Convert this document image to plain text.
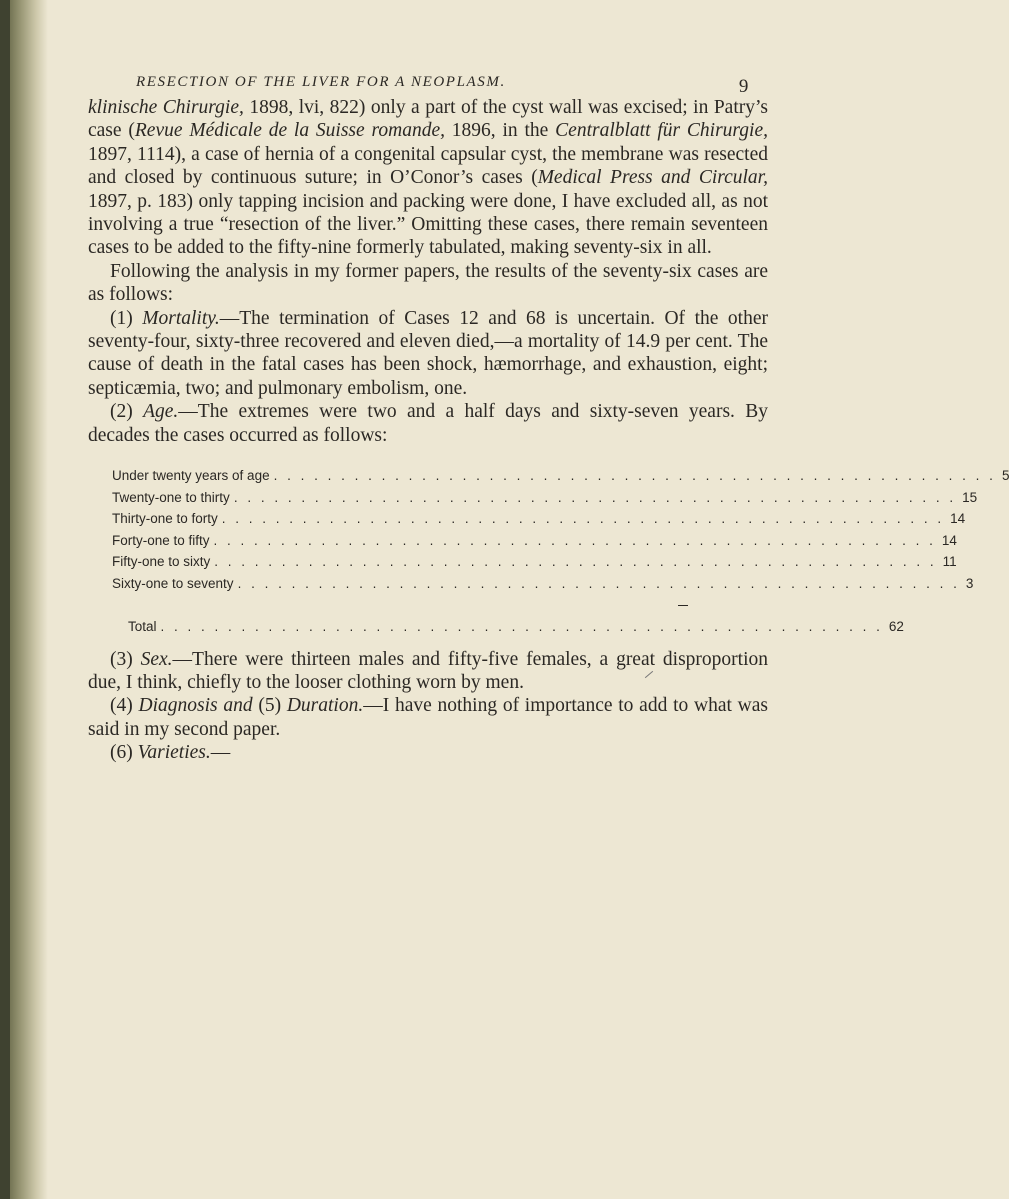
RESECTION OF THE LIVER FOR A NEOPLASM.	9

klinische Chirurgie, 1898, lvi, 822) only a part of the cyst wall was excised; in Patry’s case (Revue Médicale de la Suisse romande, 1896, in the Centralblatt für Chirurgie, 1897, 1114), a case of hernia of a congenital capsular cyst, the membrane was resected and closed by continuous suture; in O’Conor’s cases (Medical Press and Circular, 1897, p. 183) only tapping incision and packing were done, I have excluded all, as not involving a true “resection of the liver.” Omitting these cases, there remain seventeen cases to be added to the fifty-nine formerly tabulated, making seventy-six in all.

Following the analysis in my former papers, the results of the seventy-six cases are as follows:

(1) Mortality.—The termination of Cases 12 and 68 is uncertain. Of the other seventy-four, sixty-three recovered and eleven died,—a mortality of 14.9 per cent. The cause of death in the fatal cases has been shock, hæmorrhage, and exhaustion, eight; septicæmia, two; and pulmonary embolism, one.

(2) Age.—The extremes were two and a half days and sixty-seven years. By decades the cases occurred as follows:

Under twenty years of age . . . . . . . . . . . . . . . . . . . . . . . . . . . . . . . . . . . . . . . . . . . . . . . . . . . . . . 5
Twenty-one to thirty . . . . . . . . . . . . . . . . . . . . . . . . . . . . . . . . . . . . . . . . . . . . . . . . . . . . . . 15
Thirty-one to forty . . . . . . . . . . . . . . . . . . . . . . . . . . . . . . . . . . . . . . . . . . . . . . . . . . . . . . 14
Forty-one to fifty . . . . . . . . . . . . . . . . . . . . . . . . . . . . . . . . . . . . . . . . . . . . . . . . . . . . . . 14
Fifty-one to sixty . . . . . . . . . . . . . . . . . . . . . . . . . . . . . . . . . . . . . . . . . . . . . . . . . . . . . . 11
Sixty-one to seventy . . . . . . . . . . . . . . . . . . . . . . . . . . . . . . . . . . . . . . . . . . . . . . . . . . . . . . 3
Total . . . . . . . . . . . . . . . . . . . . . . . . . . . . . . . . . . . . . . . . . . . . . . . . . . . . . . 62

(3) Sex.—There were thirteen males and fifty-five females, a great disproportion due, I think, chiefly to the looser clothing worn by men.

(4) Diagnosis and (5) Duration.—I have nothing of importance to add to what was said in my second paper.

(6) Varieties.—
